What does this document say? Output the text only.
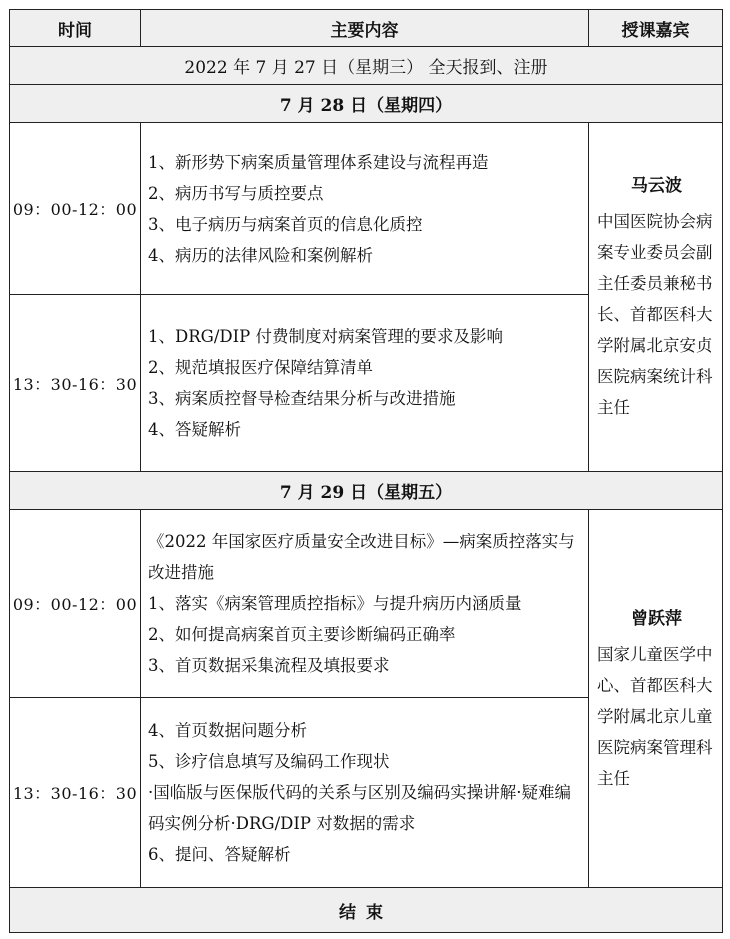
时间	主要内容	授课嘉宾
2022 年 7 月 27 日（星期三） 全天报到、注册		
7 月 28 日（星期四）		
09：00-12：00	1、新形势下病案质量管理体系建设与流程再造
2、病历书写与质控要点
3、电子病历与病案首页的信息化质控
4、病历的法律风险和案例解析	马云波
中国医院协会病案专业委员会副主任委员兼秘书长、首都医科大学附属北京安贞医院病案统计科主任
13：30-16：30	1、DRG/DIP 付费制度对病案管理的要求及影响
2、规范填报医疗保障结算清单
3、病案质控督导检查结果分析与改进措施
4、答疑解析	

7 月 29 日（星期五）		
09：00-12：00	《2022 年国家医疗质量安全改进目标》—病案质控落实与改进措施
1、落实《病案管理质控指标》与提升病历内涵质量
2、如何提高病案首页主要诊断编码正确率
3、首页数据采集流程及填报要求	曾跃萍
国家儿童医学中心、首都医科大学附属北京儿童医院病案管理科主任
13：30-16：30	4、首页数据问题分析
5、诊疗信息填写及编码工作现状
·国临版与医保版代码的关系与区别及编码实操讲解·疑难编码实例分析·DRG/DIP 对数据的需求
6、提问、答疑解析	

结束		
